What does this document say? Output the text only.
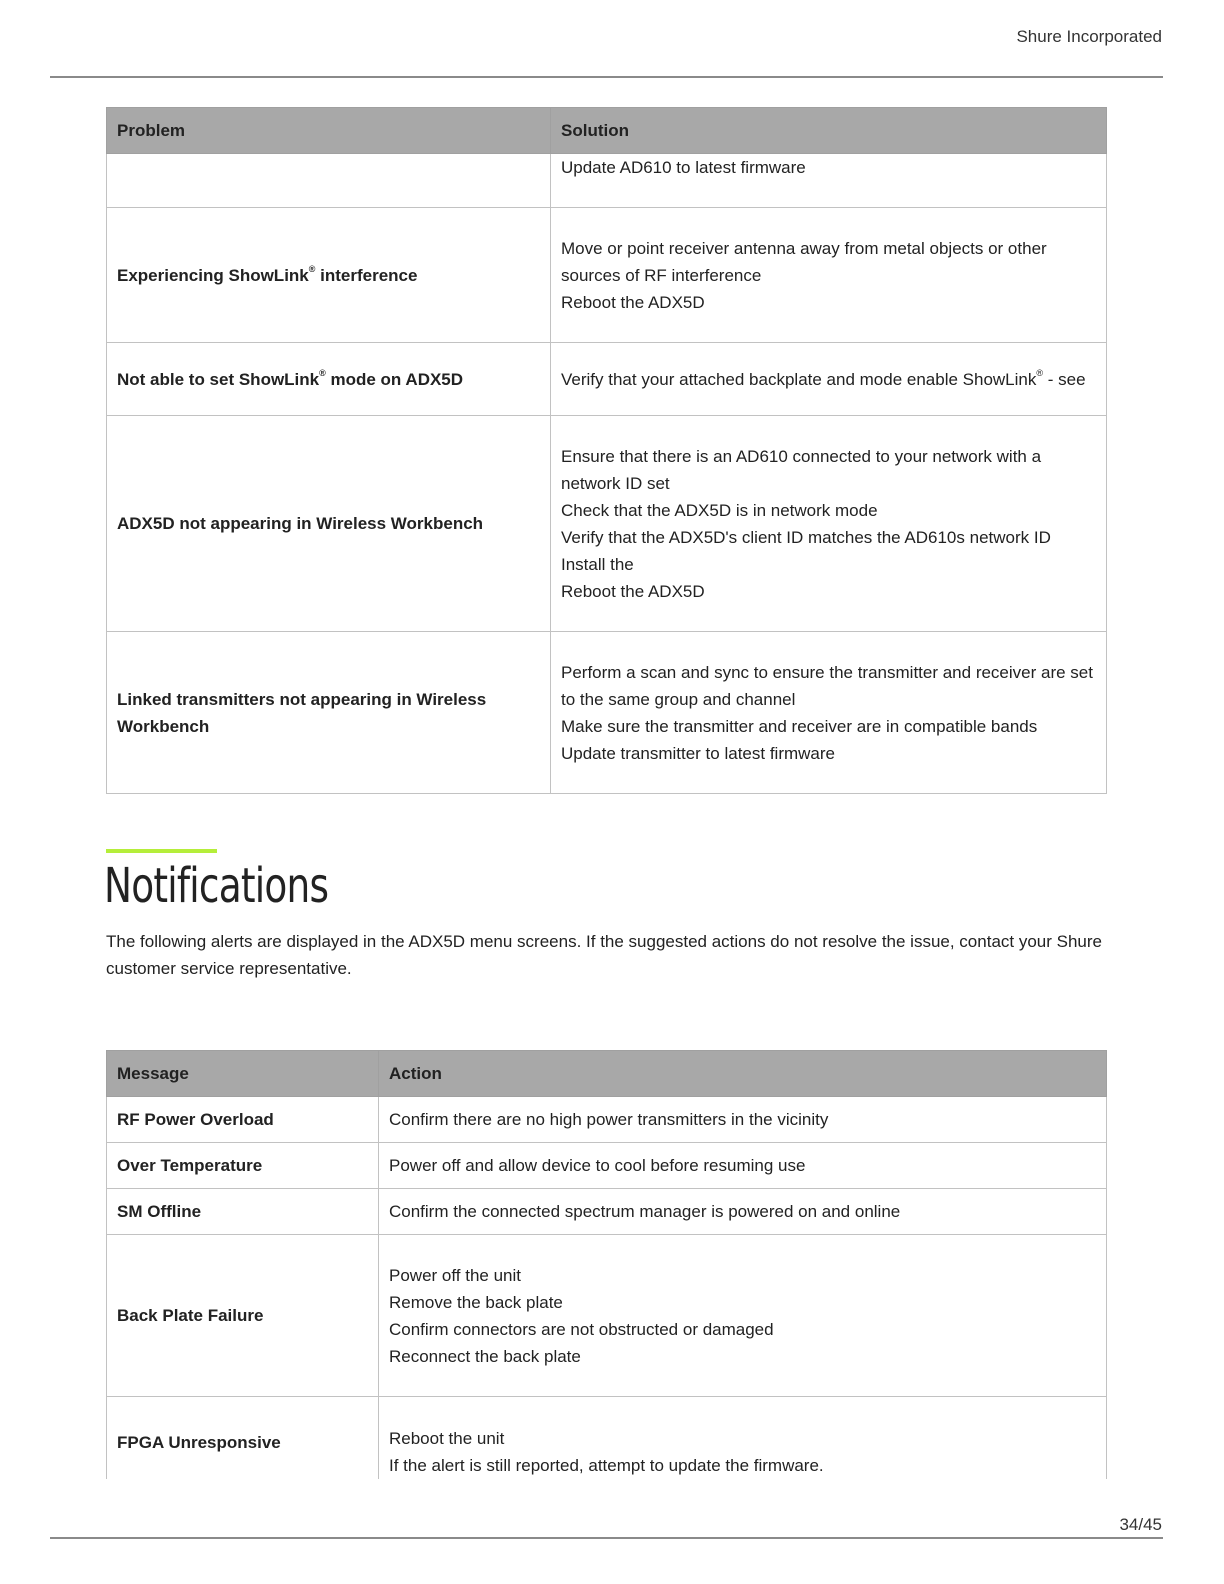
Shure Incorporated
Problem	Solution

	Update AD610 to latest firmware

Experiencing ShowLink® interference	Move or point receiver antenna away from metal objects or other sources of RF interference
Reboot the ADX5D

Not able to set ShowLink® mode on ADX5D	Verify that your attached backplate and mode enable ShowLink® - see
ADX5D not appearing in Wireless Workbench	Ensure that there is an AD610 connected to your network with a network ID set
Check that the ADX5D is in network mode
Verify that the ADX5D's client ID matches the AD610s network ID
Install the
Reboot the ADX5D

Linked transmitters not appearing in Wireless Workbench	Perform a scan and sync to ensure the transmitter and receiver are set to the same group and channel
Make sure the transmitter and receiver are in compatible bands
Update transmitter to latest firmware
Notifications

The following alerts are displayed in the ADX5D menu screens. If the suggested actions do not resolve the issue, contact your Shure customer service representative.

Message	Action
RF Power Overload	Confirm there are no high power transmitters in the vicinity

Over Temperature	Power off and allow device to cool before resuming use

SM Offline	Confirm the connected spectrum manager is powered on and online

Back Plate Failure	Power off the unit
Remove the back plate
Confirm connectors are not obstructed or damaged
Reconnect the back plate

FPGA Unresponsive	Reboot the unit
If the alert is still reported, attempt to update the firmware.
34/45
